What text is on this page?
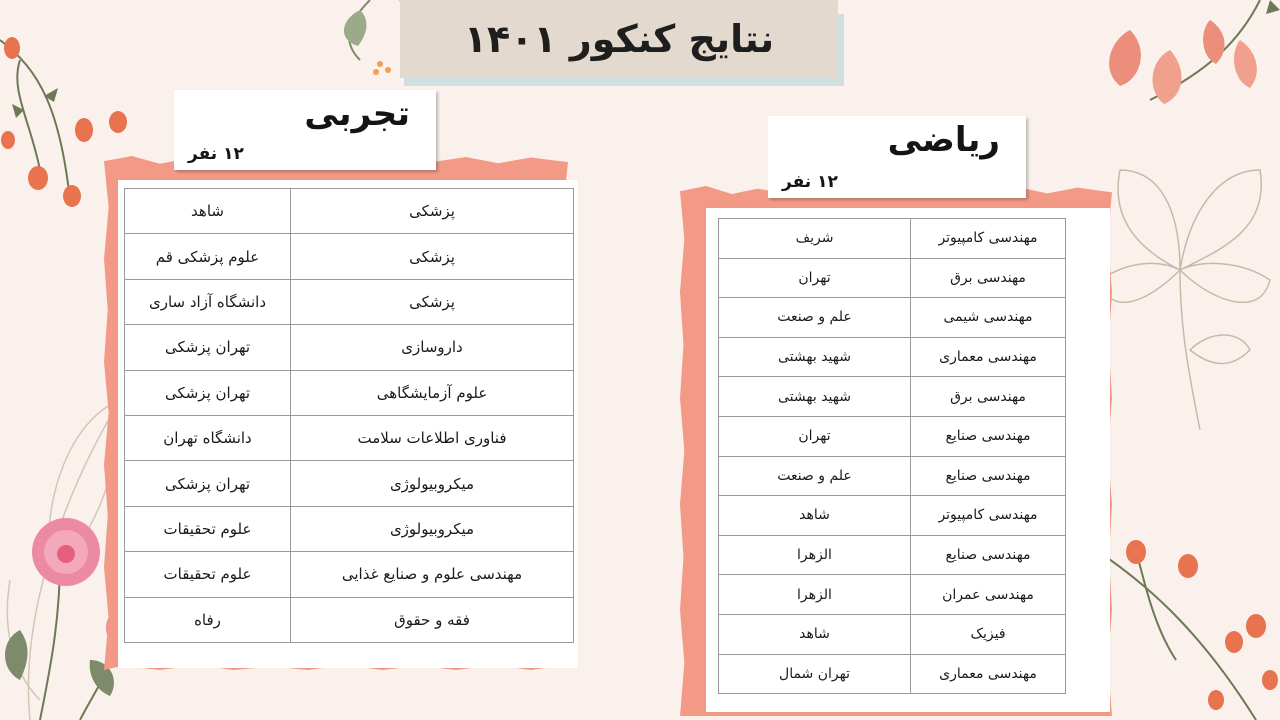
نتایج کنکور ۱۴۰۱
پزشکی	شاهد
پزشکی	علوم پزشکی قم
پزشکی	دانشگاه آزاد ساری
داروسازی	تهران پزشکی
علوم آزمایشگاهی	تهران پزشکی
فناوری اطلاعات سلامت	دانشگاه تهران
میکروبیولوژی	تهران پزشکی
میکروبیولوژی	علوم تحقیقات
مهندسی علوم و صنایع غذایی	علوم تحقیقات
فقه و حقوق	رفاه
تجربی
۱۲ نفر
مهندسی کامپیوتر	شریف
مهندسی برق	تهران
مهندسی شیمی	علم و صنعت
مهندسی معماری	شهید بهشتی
مهندسی برق	شهید بهشتی
مهندسی صنایع	تهران
مهندسی صنایع	علم و صنعت
مهندسی کامپیوتر	شاهد
مهندسی صنایع	الزهرا
مهندسی عمران	الزهرا
فیزیک	شاهد
مهندسی معماری	تهران شمال
ریاضی
۱۲ نفر
